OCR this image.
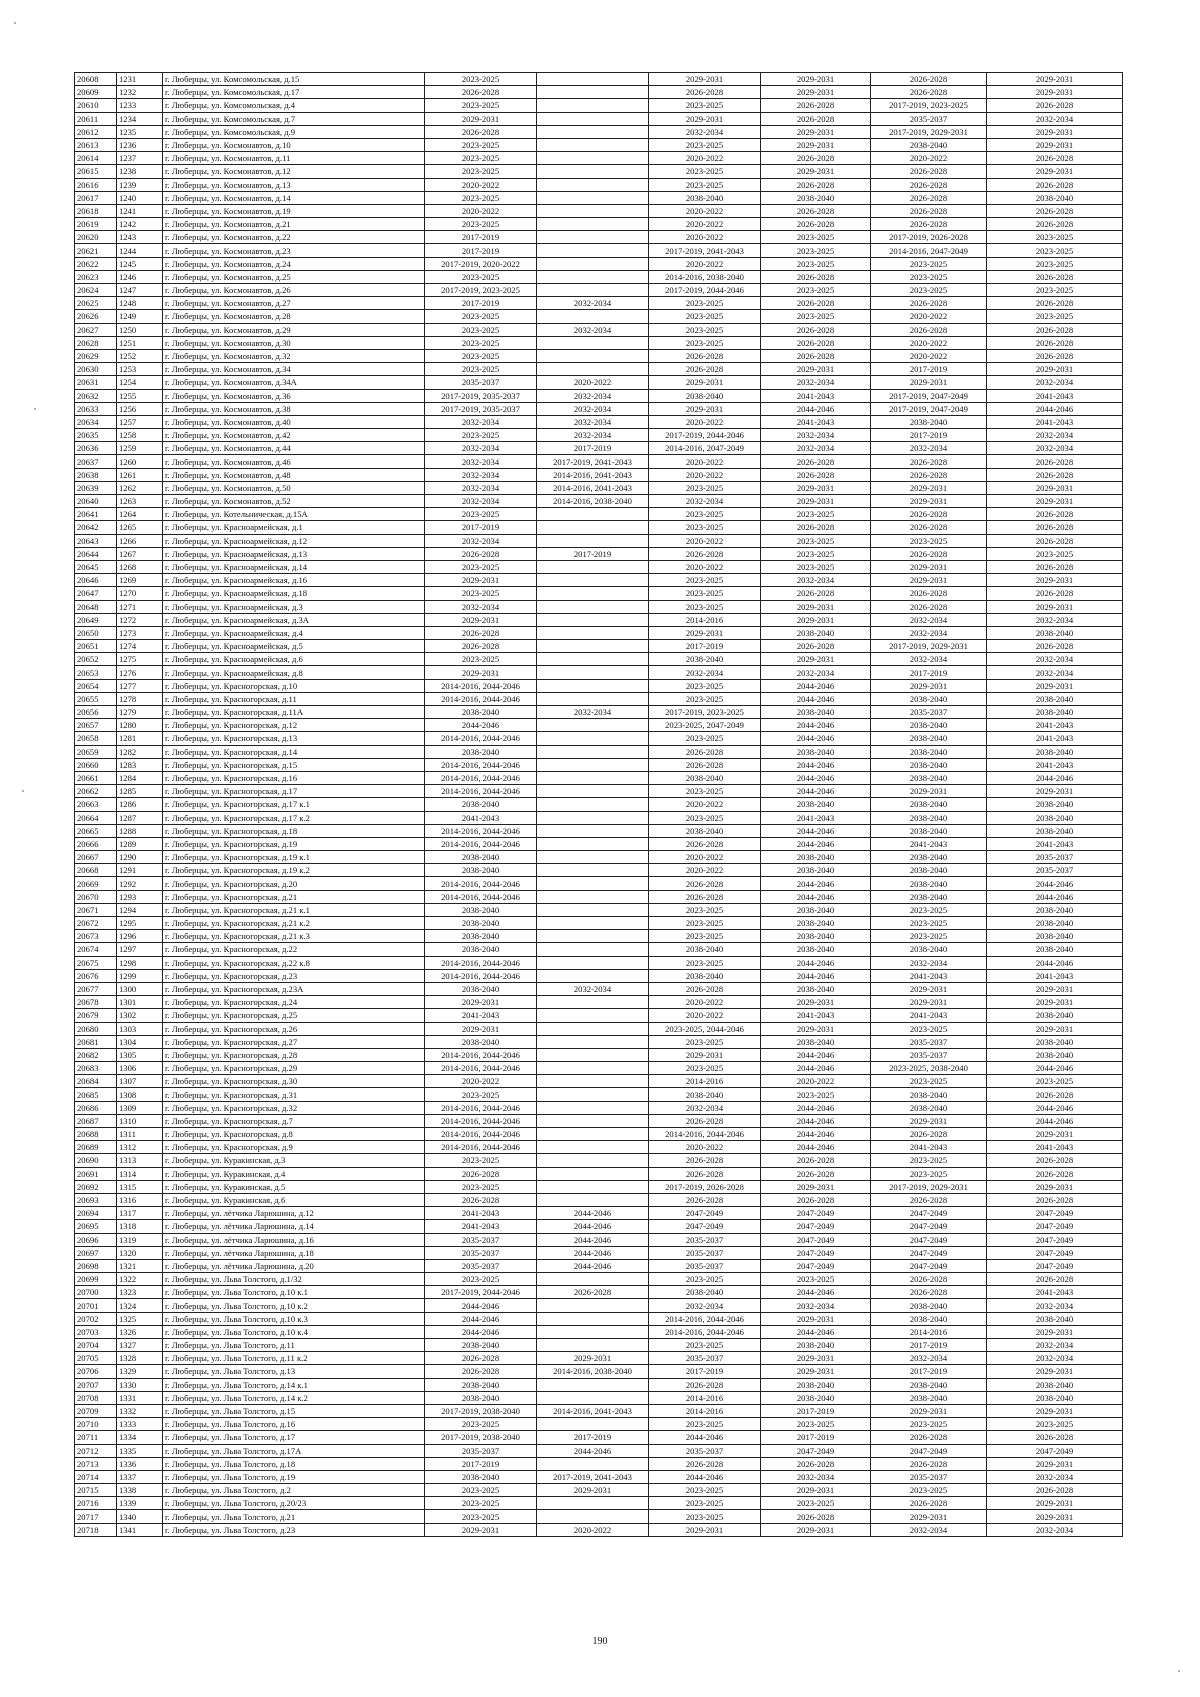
20608	1231	г. Люберцы, ул. Комсомольская, д.15	2023-2025		2029-2031	2029-2031	2026-2028	2029-2031
20609	1232	г. Люберцы, ул. Комсомольская, д.17	2026-2028		2026-2028	2029-2031	2026-2028	2029-2031
20610	1233	г. Люберцы, ул. Комсомольская, д.4	2023-2025		2023-2025	2026-2028	2017-2019, 2023-2025	2026-2028
20611	1234	г. Люберцы, ул. Комсомольская, д.7	2029-2031		2029-2031	2026-2028	2035-2037	2032-2034
20612	1235	г. Люберцы, ул. Комсомольская, д.9	2026-2028		2032-2034	2029-2031	2017-2019, 2029-2031	2029-2031
20613	1236	г. Люберцы, ул. Космонавтов, д.10	2023-2025		2023-2025	2029-2031	2038-2040	2029-2031
20614	1237	г. Люберцы, ул. Космонавтов, д.11	2023-2025		2020-2022	2026-2028	2020-2022	2026-2028
20615	1238	г. Люберцы, ул. Космонавтов, д.12	2023-2025		2023-2025	2029-2031	2026-2028	2029-2031
20616	1239	г. Люберцы, ул. Космонавтов, д.13	2020-2022		2023-2025	2026-2028	2026-2028	2026-2028
20617	1240	г. Люберцы, ул. Космонавтов, д.14	2023-2025		2038-2040	2038-2040	2026-2028	2038-2040
20618	1241	г. Люберцы, ул. Космонавтов, д.19	2020-2022		2020-2022	2026-2028	2026-2028	2026-2028
20619	1242	г. Люберцы, ул. Космонавтов, д.21	2023-2025		2020-2022	2026-2028	2026-2028	2026-2028
20620	1243	г. Люберцы, ул. Космонавтов, д.22	2017-2019		2020-2022	2023-2025	2017-2019, 2026-2028	2023-2025
20621	1244	г. Люберцы, ул. Космонавтов, д.23	2017-2019		2017-2019, 2041-2043	2023-2025	2014-2016, 2047-2049	2023-2025
20622	1245	г. Люберцы, ул. Космонавтов, д.24	2017-2019, 2020-2022		2020-2022	2023-2025	2023-2025	2023-2025
20623	1246	г. Люберцы, ул. Космонавтов, д.25	2023-2025		2014-2016, 2038-2040	2026-2028	2023-2025	2026-2028
20624	1247	г. Люберцы, ул. Космонавтов, д.26	2017-2019, 2023-2025		2017-2019, 2044-2046	2023-2025	2023-2025	2023-2025
20625	1248	г. Люберцы, ул. Космонавтов, д.27	2017-2019	2032-2034	2023-2025	2026-2028	2026-2028	2026-2028
20626	1249	г. Люберцы, ул. Космонавтов, д.28	2023-2025		2023-2025	2023-2025	2020-2022	2023-2025
20627	1250	г. Люберцы, ул. Космонавтов, д.29	2023-2025	2032-2034	2023-2025	2026-2028	2026-2028	2026-2028
20628	1251	г. Люберцы, ул. Космонавтов, д.30	2023-2025		2023-2025	2026-2028	2020-2022	2026-2028
20629	1252	г. Люберцы, ул. Космонавтов, д.32	2023-2025		2026-2028	2026-2028	2020-2022	2026-2028
20630	1253	г. Люберцы, ул. Космонавтов, д.34	2023-2025		2026-2028	2029-2031	2017-2019	2029-2031
20631	1254	г. Люберцы, ул. Космонавтов, д.34А	2035-2037	2020-2022	2029-2031	2032-2034	2029-2031	2032-2034
20632	1255	г. Люберцы, ул. Космонавтов, д.36	2017-2019, 2035-2037	2032-2034	2038-2040	2041-2043	2017-2019, 2047-2049	2041-2043
20633	1256	г. Люберцы, ул. Космонавтов, д.38	2017-2019, 2035-2037	2032-2034	2029-2031	2044-2046	2017-2019, 2047-2049	2044-2046
20634	1257	г. Люберцы, ул. Космонавтов, д.40	2032-2034	2032-2034	2020-2022	2041-2043	2038-2040	2041-2043
20635	1258	г. Люберцы, ул. Космонавтов, д.42	2023-2025	2032-2034	2017-2019, 2044-2046	2032-2034	2017-2019	2032-2034
20636	1259	г. Люберцы, ул. Космонавтов, д.44	2032-2034	2017-2019	2014-2016, 2047-2049	2032-2034	2032-2034	2032-2034
20637	1260	г. Люберцы, ул. Космонавтов, д.46	2032-2034	2017-2019, 2041-2043	2020-2022	2026-2028	2026-2028	2026-2028
20638	1261	г. Люберцы, ул. Космонавтов, д.48	2032-2034	2014-2016, 2041-2043	2020-2022	2026-2028	2026-2028	2026-2028
20639	1262	г. Люберцы, ул. Космонавтов, д.50	2032-2034	2014-2016, 2041-2043	2023-2025	2029-2031	2029-2031	2029-2031
20640	1263	г. Люберцы, ул. Космонавтов, д.52	2032-2034	2014-2016, 2038-2040	2032-2034	2029-2031	2029-2031	2029-2031
20641	1264	г. Люберцы, ул. Котельническая, д.15А	2023-2025		2023-2025	2023-2025	2026-2028	2026-2028
20642	1265	г. Люберцы, ул. Красноармейская, д.1	2017-2019		2023-2025	2026-2028	2026-2028	2026-2028
20643	1266	г. Люберцы, ул. Красноармейская, д.12	2032-2034		2020-2022	2023-2025	2023-2025	2026-2028
20644	1267	г. Люберцы, ул. Красноармейская, д.13	2026-2028	2017-2019	2026-2028	2023-2025	2026-2028	2023-2025
20645	1268	г. Люберцы, ул. Красноармейская, д.14	2023-2025		2020-2022	2023-2025	2029-2031	2026-2028
20646	1269	г. Люберцы, ул. Красноармейская, д.16	2029-2031		2023-2025	2032-2034	2029-2031	2029-2031
20647	1270	г. Люберцы, ул. Красноармейская, д.18	2023-2025		2023-2025	2026-2028	2026-2028	2026-2028
20648	1271	г. Люберцы, ул. Красноармейская, д.3	2032-2034		2023-2025	2029-2031	2026-2028	2029-2031
20649	1272	г. Люберцы, ул. Красноармейская, д.3А	2029-2031		2014-2016	2029-2031	2032-2034	2032-2034
20650	1273	г. Люберцы, ул. Красноармейская, д.4	2026-2028		2029-2031	2038-2040	2032-2034	2038-2040
20651	1274	г. Люберцы, ул. Красноармейская, д.5	2026-2028		2017-2019	2026-2028	2017-2019, 2029-2031	2026-2028
20652	1275	г. Люберцы, ул. Красноармейская, д.6	2023-2025		2038-2040	2029-2031	2032-2034	2032-2034
20653	1276	г. Люберцы, ул. Красноармейская, д.8	2029-2031		2032-2034	2032-2034	2017-2019	2032-2034
20654	1277	г. Люберцы, ул. Красногорская, д.10	2014-2016, 2044-2046		2023-2025	2044-2046	2029-2031	2029-2031
20655	1278	г. Люберцы, ул. Красногорская, д.11	2014-2016, 2044-2046		2023-2025	2044-2046	2038-2040	2038-2040
20656	1279	г. Люберцы, ул. Красногорская, д.11А	2038-2040	2032-2034	2017-2019, 2023-2025	2038-2040	2035-2037	2038-2040
20657	1280	г. Люберцы, ул. Красногорская, д.12	2044-2046		2023-2025, 2047-2049	2044-2046	2038-2040	2041-2043
20658	1281	г. Люберцы, ул. Красногорская, д.13	2014-2016, 2044-2046		2023-2025	2044-2046	2038-2040	2041-2043
20659	1282	г. Люберцы, ул. Красногорская, д.14	2038-2040		2026-2028	2038-2040	2038-2040	2038-2040
20660	1283	г. Люберцы, ул. Красногорская, д.15	2014-2016, 2044-2046		2026-2028	2044-2046	2038-2040	2041-2043
20661	1284	г. Люберцы, ул. Красногорская, д.16	2014-2016, 2044-2046		2038-2040	2044-2046	2038-2040	2044-2046
20662	1285	г. Люберцы, ул. Красногорская, д.17	2014-2016, 2044-2046		2023-2025	2044-2046	2029-2031	2029-2031
20663	1286	г. Люберцы, ул. Красногорская, д.17 к.1	2038-2040		2020-2022	2038-2040	2038-2040	2038-2040
20664	1287	г. Люберцы, ул. Красногорская, д.17 к.2	2041-2043		2023-2025	2041-2043	2038-2040	2038-2040
20665	1288	г. Люберцы, ул. Красногорская, д.18	2014-2016, 2044-2046		2038-2040	2044-2046	2038-2040	2038-2040
20666	1289	г. Люберцы, ул. Красногорская, д.19	2014-2016, 2044-2046		2026-2028	2044-2046	2041-2043	2041-2043
20667	1290	г. Люберцы, ул. Красногорская, д.19 к.1	2038-2040		2020-2022	2038-2040	2038-2040	2035-2037
20668	1291	г. Люберцы, ул. Красногорская, д.19 к.2	2038-2040		2020-2022	2038-2040	2038-2040	2035-2037
20669	1292	г. Люберцы, ул. Красногорская, д.20	2014-2016, 2044-2046		2026-2028	2044-2046	2038-2040	2044-2046
20670	1293	г. Люберцы, ул. Красногорская, д.21	2014-2016, 2044-2046		2026-2028	2044-2046	2038-2040	2044-2046
20671	1294	г. Люберцы, ул. Красногорская, д.21 к.1	2038-2040		2023-2025	2038-2040	2023-2025	2038-2040
20672	1295	г. Люберцы, ул. Красногорская, д.21 к.2	2038-2040		2023-2025	2038-2040	2023-2025	2038-2040
20673	1296	г. Люберцы, ул. Красногорская, д.21 к.3	2038-2040		2023-2025	2038-2040	2023-2025	2038-2040
20674	1297	г. Люберцы, ул. Красногорская, д.22	2038-2040		2038-2040	2038-2040	2038-2040	2038-2040
20675	1298	г. Люберцы, ул. Красногорская, д.22 к.8	2014-2016, 2044-2046		2023-2025	2044-2046	2032-2034	2044-2046
20676	1299	г. Люберцы, ул. Красногорская, д.23	2014-2016, 2044-2046		2038-2040	2044-2046	2041-2043	2041-2043
20677	1300	г. Люберцы, ул. Красногорская, д.23А	2038-2040	2032-2034	2026-2028	2038-2040	2029-2031	2029-2031
20678	1301	г. Люберцы, ул. Красногорская, д.24	2029-2031		2020-2022	2029-2031	2029-2031	2029-2031
20679	1302	г. Люберцы, ул. Красногорская, д.25	2041-2043		2020-2022	2041-2043	2041-2043	2038-2040
20680	1303	г. Люберцы, ул. Красногорская, д.26	2029-2031		2023-2025, 2044-2046	2029-2031	2023-2025	2029-2031
20681	1304	г. Люберцы, ул. Красногорская, д.27	2038-2040		2023-2025	2038-2040	2035-2037	2038-2040
20682	1305	г. Люберцы, ул. Красногорская, д.28	2014-2016, 2044-2046		2029-2031	2044-2046	2035-2037	2038-2040
20683	1306	г. Люберцы, ул. Красногорская, д.29	2014-2016, 2044-2046		2023-2025	2044-2046	2023-2025, 2038-2040	2044-2046
20684	1307	г. Люберцы, ул. Красногорская, д.30	2020-2022		2014-2016	2020-2022	2023-2025	2023-2025
20685	1308	г. Люберцы, ул. Красногорская, д.31	2023-2025		2038-2040	2023-2025	2038-2040	2026-2028
20686	1309	г. Люберцы, ул. Красногорская, д.32	2014-2016, 2044-2046		2032-2034	2044-2046	2038-2040	2044-2046
20687	1310	г. Люберцы, ул. Красногорская, д.7	2014-2016, 2044-2046		2026-2028	2044-2046	2029-2031	2044-2046
20688	1311	г. Люберцы, ул. Красногорская, д.8	2014-2016, 2044-2046		2014-2016, 2044-2046	2044-2046	2026-2028	2029-2031
20689	1312	г. Люберцы, ул. Красногорская, д.9	2014-2016, 2044-2046		2020-2022	2044-2046	2041-2043	2041-2043
20690	1313	г. Люберцы, ул. Куракинская, д.3	2023-2025		2026-2028	2026-2028	2023-2025	2026-2028
20691	1314	г. Люберцы, ул. Куракинская, д.4	2026-2028		2026-2028	2026-2028	2023-2025	2026-2028
20692	1315	г. Люберцы, ул. Куракинская, д.5	2023-2025		2017-2019, 2026-2028	2029-2031	2017-2019, 2029-2031	2029-2031
20693	1316	г. Люберцы, ул. Куракинская, д.6	2026-2028		2026-2028	2026-2028	2026-2028	2026-2028
20694	1317	г. Люберцы, ул. лётчика Ларюшина, д.12	2041-2043	2044-2046	2047-2049	2047-2049	2047-2049	2047-2049
20695	1318	г. Люберцы, ул. лётчика Ларюшина, д.14	2041-2043	2044-2046	2047-2049	2047-2049	2047-2049	2047-2049
20696	1319	г. Люберцы, ул. лётчика Ларюшина, д.16	2035-2037	2044-2046	2035-2037	2047-2049	2047-2049	2047-2049
20697	1320	г. Люберцы, ул. лётчика Ларюшина, д.18	2035-2037	2044-2046	2035-2037	2047-2049	2047-2049	2047-2049
20698	1321	г. Люберцы, ул. лётчика Ларюшина, д.20	2035-2037	2044-2046	2035-2037	2047-2049	2047-2049	2047-2049
20699	1322	г. Люберцы, ул. Льва Толстого, д.1/32	2023-2025		2023-2025	2023-2025	2026-2028	2026-2028
20700	1323	г. Люберцы, ул. Льва Толстого, д.10 к.1	2017-2019, 2044-2046	2026-2028	2038-2040	2044-2046	2026-2028	2041-2043
20701	1324	г. Люберцы, ул. Льва Толстого, д.10 к.2	2044-2046		2032-2034	2032-2034	2038-2040	2032-2034
20702	1325	г. Люберцы, ул. Льва Толстого, д.10 к.3	2044-2046		2014-2016, 2044-2046	2029-2031	2038-2040	2038-2040
20703	1326	г. Люберцы, ул. Льва Толстого, д.10 к.4	2044-2046		2014-2016, 2044-2046	2044-2046	2014-2016	2029-2031
20704	1327	г. Люберцы, ул. Льва Толстого, д.11	2038-2040		2023-2025	2038-2040	2017-2019	2032-2034
20705	1328	г. Люберцы, ул. Льва Толстого, д.11 к.2	2026-2028	2029-2031	2035-2037	2029-2031	2032-2034	2032-2034
20706	1329	г. Люберцы, ул. Льва Толстого, д.13	2026-2028	2014-2016, 2038-2040	2017-2019	2029-2031	2017-2019	2029-2031
20707	1330	г. Люберцы, ул. Льва Толстого, д.14 к.1	2038-2040		2026-2028	2038-2040	2038-2040	2038-2040
20708	1331	г. Люберцы, ул. Льва Толстого, д.14 к.2	2038-2040		2014-2016	2038-2040	2038-2040	2038-2040
20709	1332	г. Люберцы, ул. Льва Толстого, д.15	2017-2019, 2038-2040	2014-2016, 2041-2043	2014-2016	2017-2019	2029-2031	2029-2031
20710	1333	г. Люберцы, ул. Льва Толстого, д.16	2023-2025		2023-2025	2023-2025	2023-2025	2023-2025
20711	1334	г. Люберцы, ул. Льва Толстого, д.17	2017-2019, 2038-2040	2017-2019	2044-2046	2017-2019	2026-2028	2026-2028
20712	1335	г. Люберцы, ул. Льва Толстого, д.17А	2035-2037	2044-2046	2035-2037	2047-2049	2047-2049	2047-2049
20713	1336	г. Люберцы, ул. Льва Толстого, д.18	2017-2019		2026-2028	2026-2028	2026-2028	2029-2031
20714	1337	г. Люберцы, ул. Льва Толстого, д.19	2038-2040	2017-2019, 2041-2043	2044-2046	2032-2034	2035-2037	2032-2034
20715	1338	г. Люберцы, ул. Льва Толстого, д.2	2023-2025	2029-2031	2023-2025	2029-2031	2023-2025	2026-2028
20716	1339	г. Люберцы, ул. Льва Толстого, д.20/23	2023-2025		2023-2025	2023-2025	2026-2028	2029-2031
20717	1340	г. Люберцы, ул. Льва Толстого, д.21	2023-2025		2023-2025	2026-2028	2029-2031	2029-2031
20718	1341	г. Люберцы, ул. Льва Толстого, д.23	2029-2031	2020-2022	2029-2031	2029-2031	2032-2034	2032-2034
190
